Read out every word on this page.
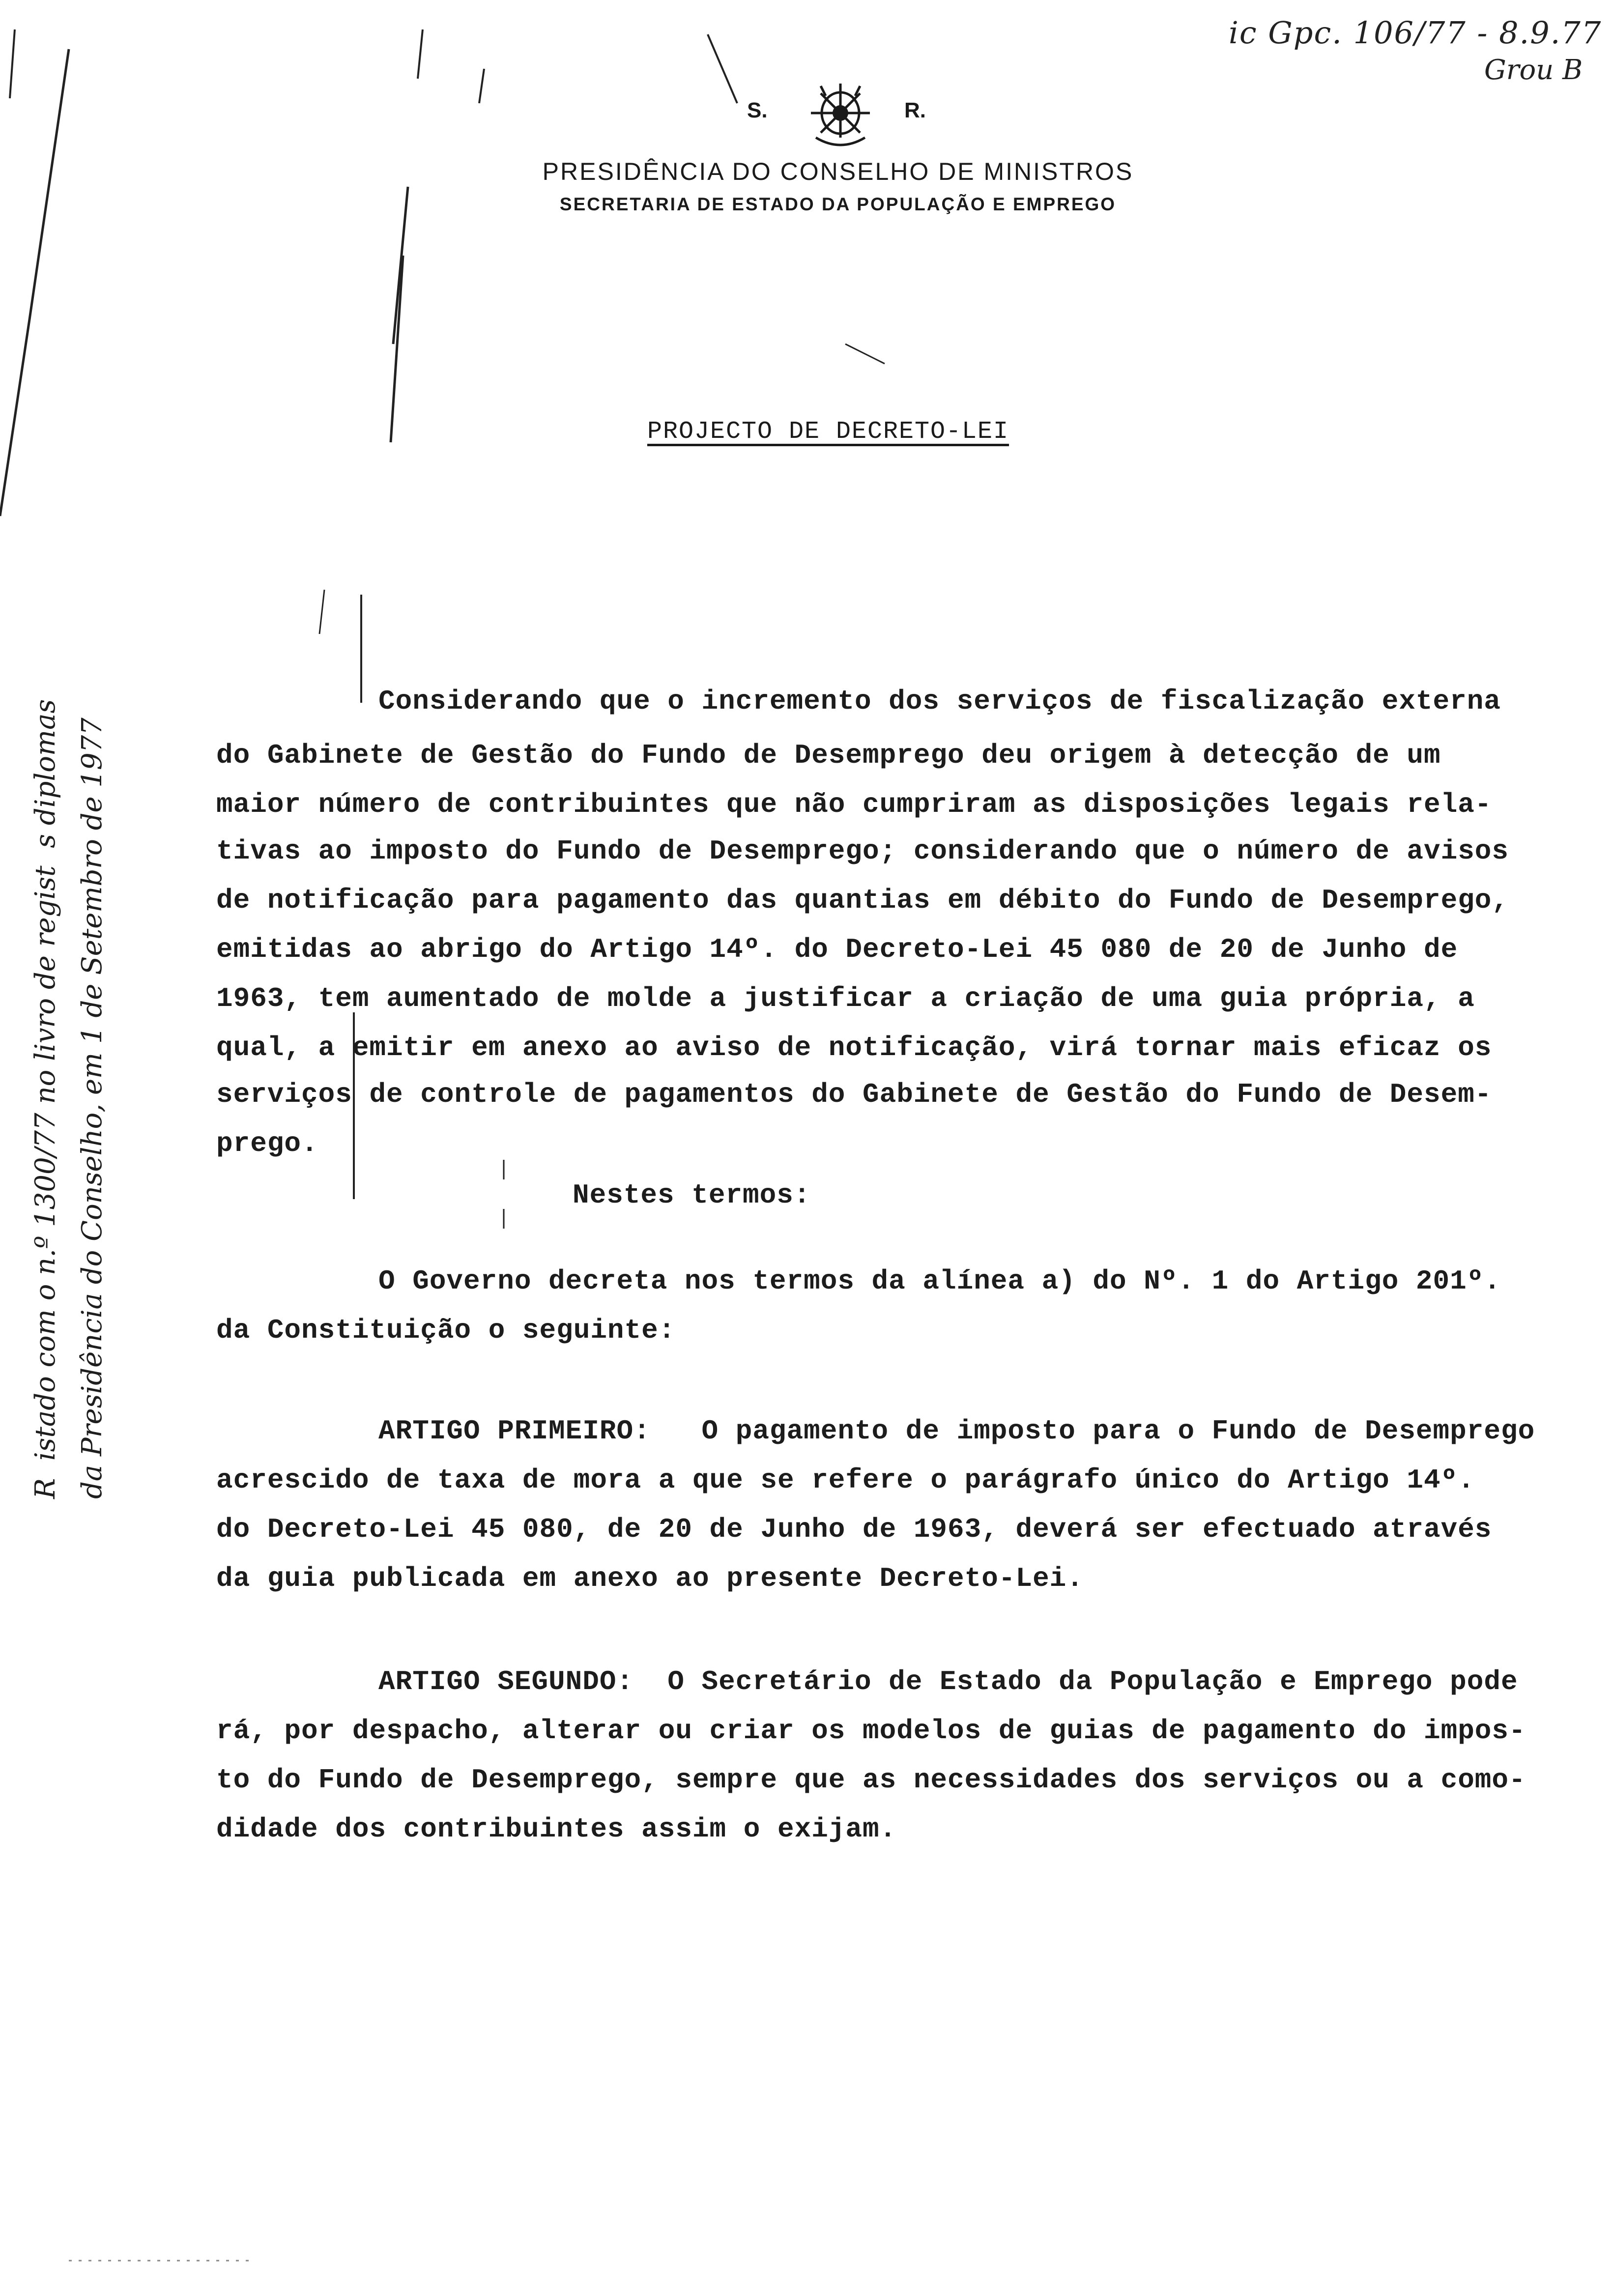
ic Gpc. 106/77 - 8.9.77
Grou B
S.	R.
PRESIDÊNCIA DO CONSELHO DE MINISTROS
SECRETARIA DE ESTADO DA POPULAÇÃO E EMPREGO
PROJECTO DE DECRETO-LEI
Considerando que o incremento dos serviços de fiscalização externa
do Gabinete de Gestão do Fundo de Desemprego deu origem à detecção de um
maior número de contribuintes que não cumpriram as disposições legais rela-
tivas ao imposto do Fundo de Desemprego; considerando que o número de avisos
de notificação para pagamento das quantias em débito do Fundo de Desemprego,
emitidas ao abrigo do Artigo 14º. do Decreto-Lei 45 080 de 20 de Junho de
1963, tem aumentado de molde a justificar a criação de uma guia própria, a
qual, a emitir em anexo ao aviso de notificação, virá tornar mais eficaz os
serviços de controle de pagamentos do Gabinete de Gestão do Fundo de Desem-
prego.
Nestes termos:
O Governo decreta nos termos da alínea a) do Nº. 1 do Artigo 201º.
da Constituição o seguinte:
ARTIGO PRIMEIRO:   O pagamento de imposto para o Fundo de Desemprego
acrescido de taxa de mora a que se refere o parágrafo único do Artigo 14º.
do Decreto-Lei 45 080, de 20 de Junho de 1963, deverá ser efectuado através
da guia publicada em anexo ao presente Decreto-Lei.
ARTIGO SEGUNDO:  O Secretário de Estado da População e Emprego pode
rá, por despacho, alterar ou criar os modelos de guias de pagamento do impos-
to do Fundo de Desemprego, sempre que as necessidades dos serviços ou a como-
didade dos contribuintes assim o exijam.
R  istado com o n.º 1300/77 no livro de regist  s diplomas da Presidência do Conselho, em 1 de Setembro de 1977
